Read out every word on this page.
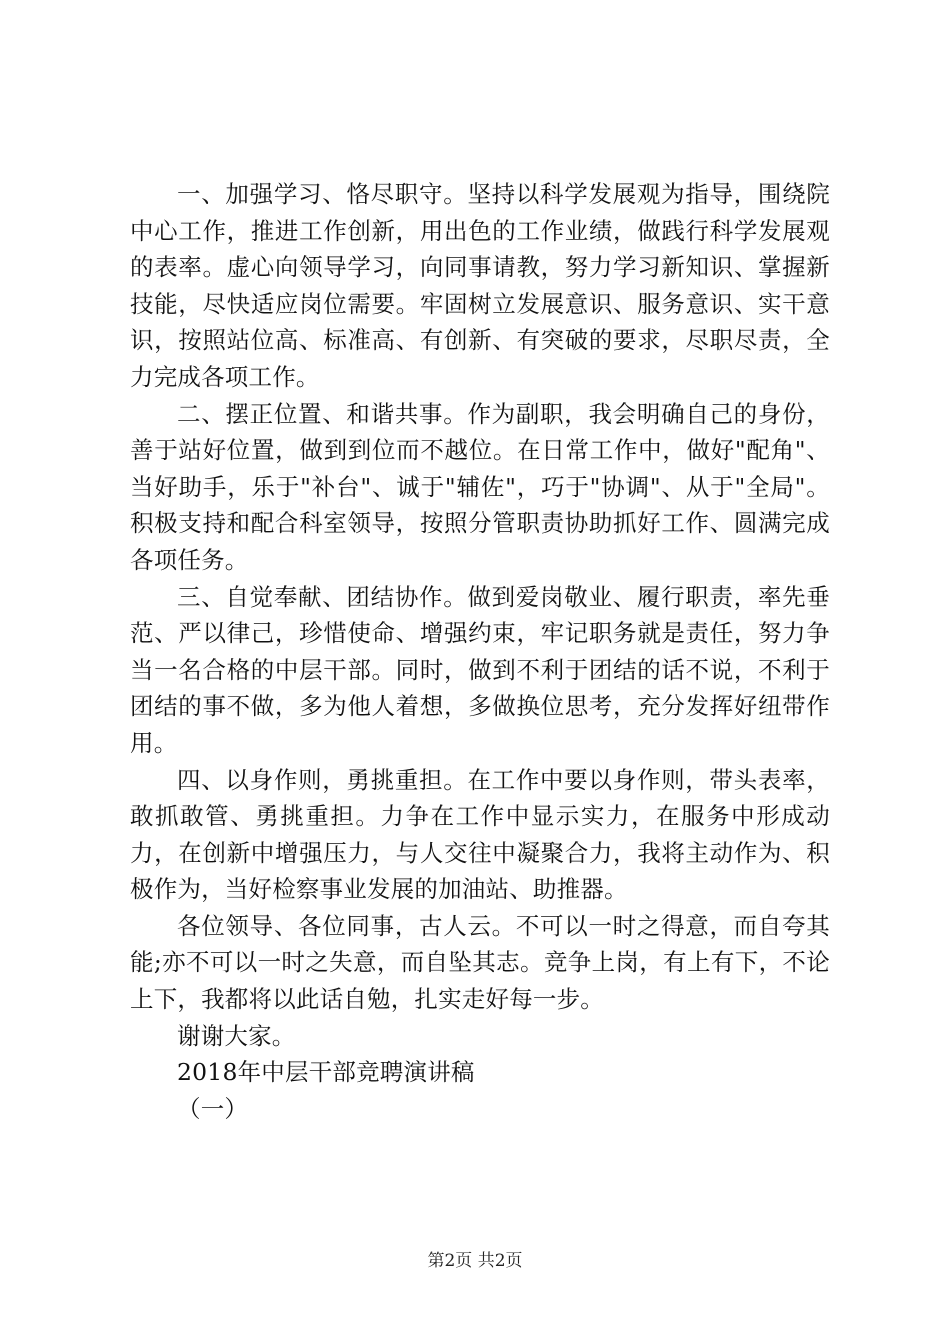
一、加强学习、恪尽职守。坚持以科学发展观为指导，围绕院中心工作，推进工作创新，用出色的工作业绩，做践行科学发展观的表率。虚心向领导学习，向同事请教，努力学习新知识、掌握新技能，尽快适应岗位需要。牢固树立发展意识、服务意识、实干意识，按照站位高、标准高、有创新、有突破的要求，尽职尽责，全力完成各项工作。

二、摆正位置、和谐共事。作为副职，我会明确自己的身份，善于站好位置，做到到位而不越位。在日常工作中，做好"配角"、当好助手，乐于"补台"、诚于"辅佐"，巧于"协调"、从于"全局"。积极支持和配合科室领导，按照分管职责协助抓好工作、圆满完成各项任务。

三、自觉奉献、团结协作。做到爱岗敬业、履行职责，率先垂范、严以律己，珍惜使命、增强约束，牢记职务就是责任，努力争当一名合格的中层干部。同时，做到不利于团结的话不说，不利于团结的事不做，多为他人着想，多做换位思考，充分发挥好纽带作用。

四、以身作则，勇挑重担。在工作中要以身作则，带头表率，敢抓敢管、勇挑重担。力争在工作中显示实力，在服务中形成动力，在创新中增强压力，与人交往中凝聚合力，我将主动作为、积极作为，当好检察事业发展的加油站、助推器。

各位领导、各位同事，古人云。不可以一时之得意，而自夸其能;亦不可以一时之失意，而自坠其志。竞争上岗，有上有下，不论上下，我都将以此话自勉，扎实走好每一步。

谢谢大家。

2018年中层干部竞聘演讲稿

（一）

第2页 共2页
